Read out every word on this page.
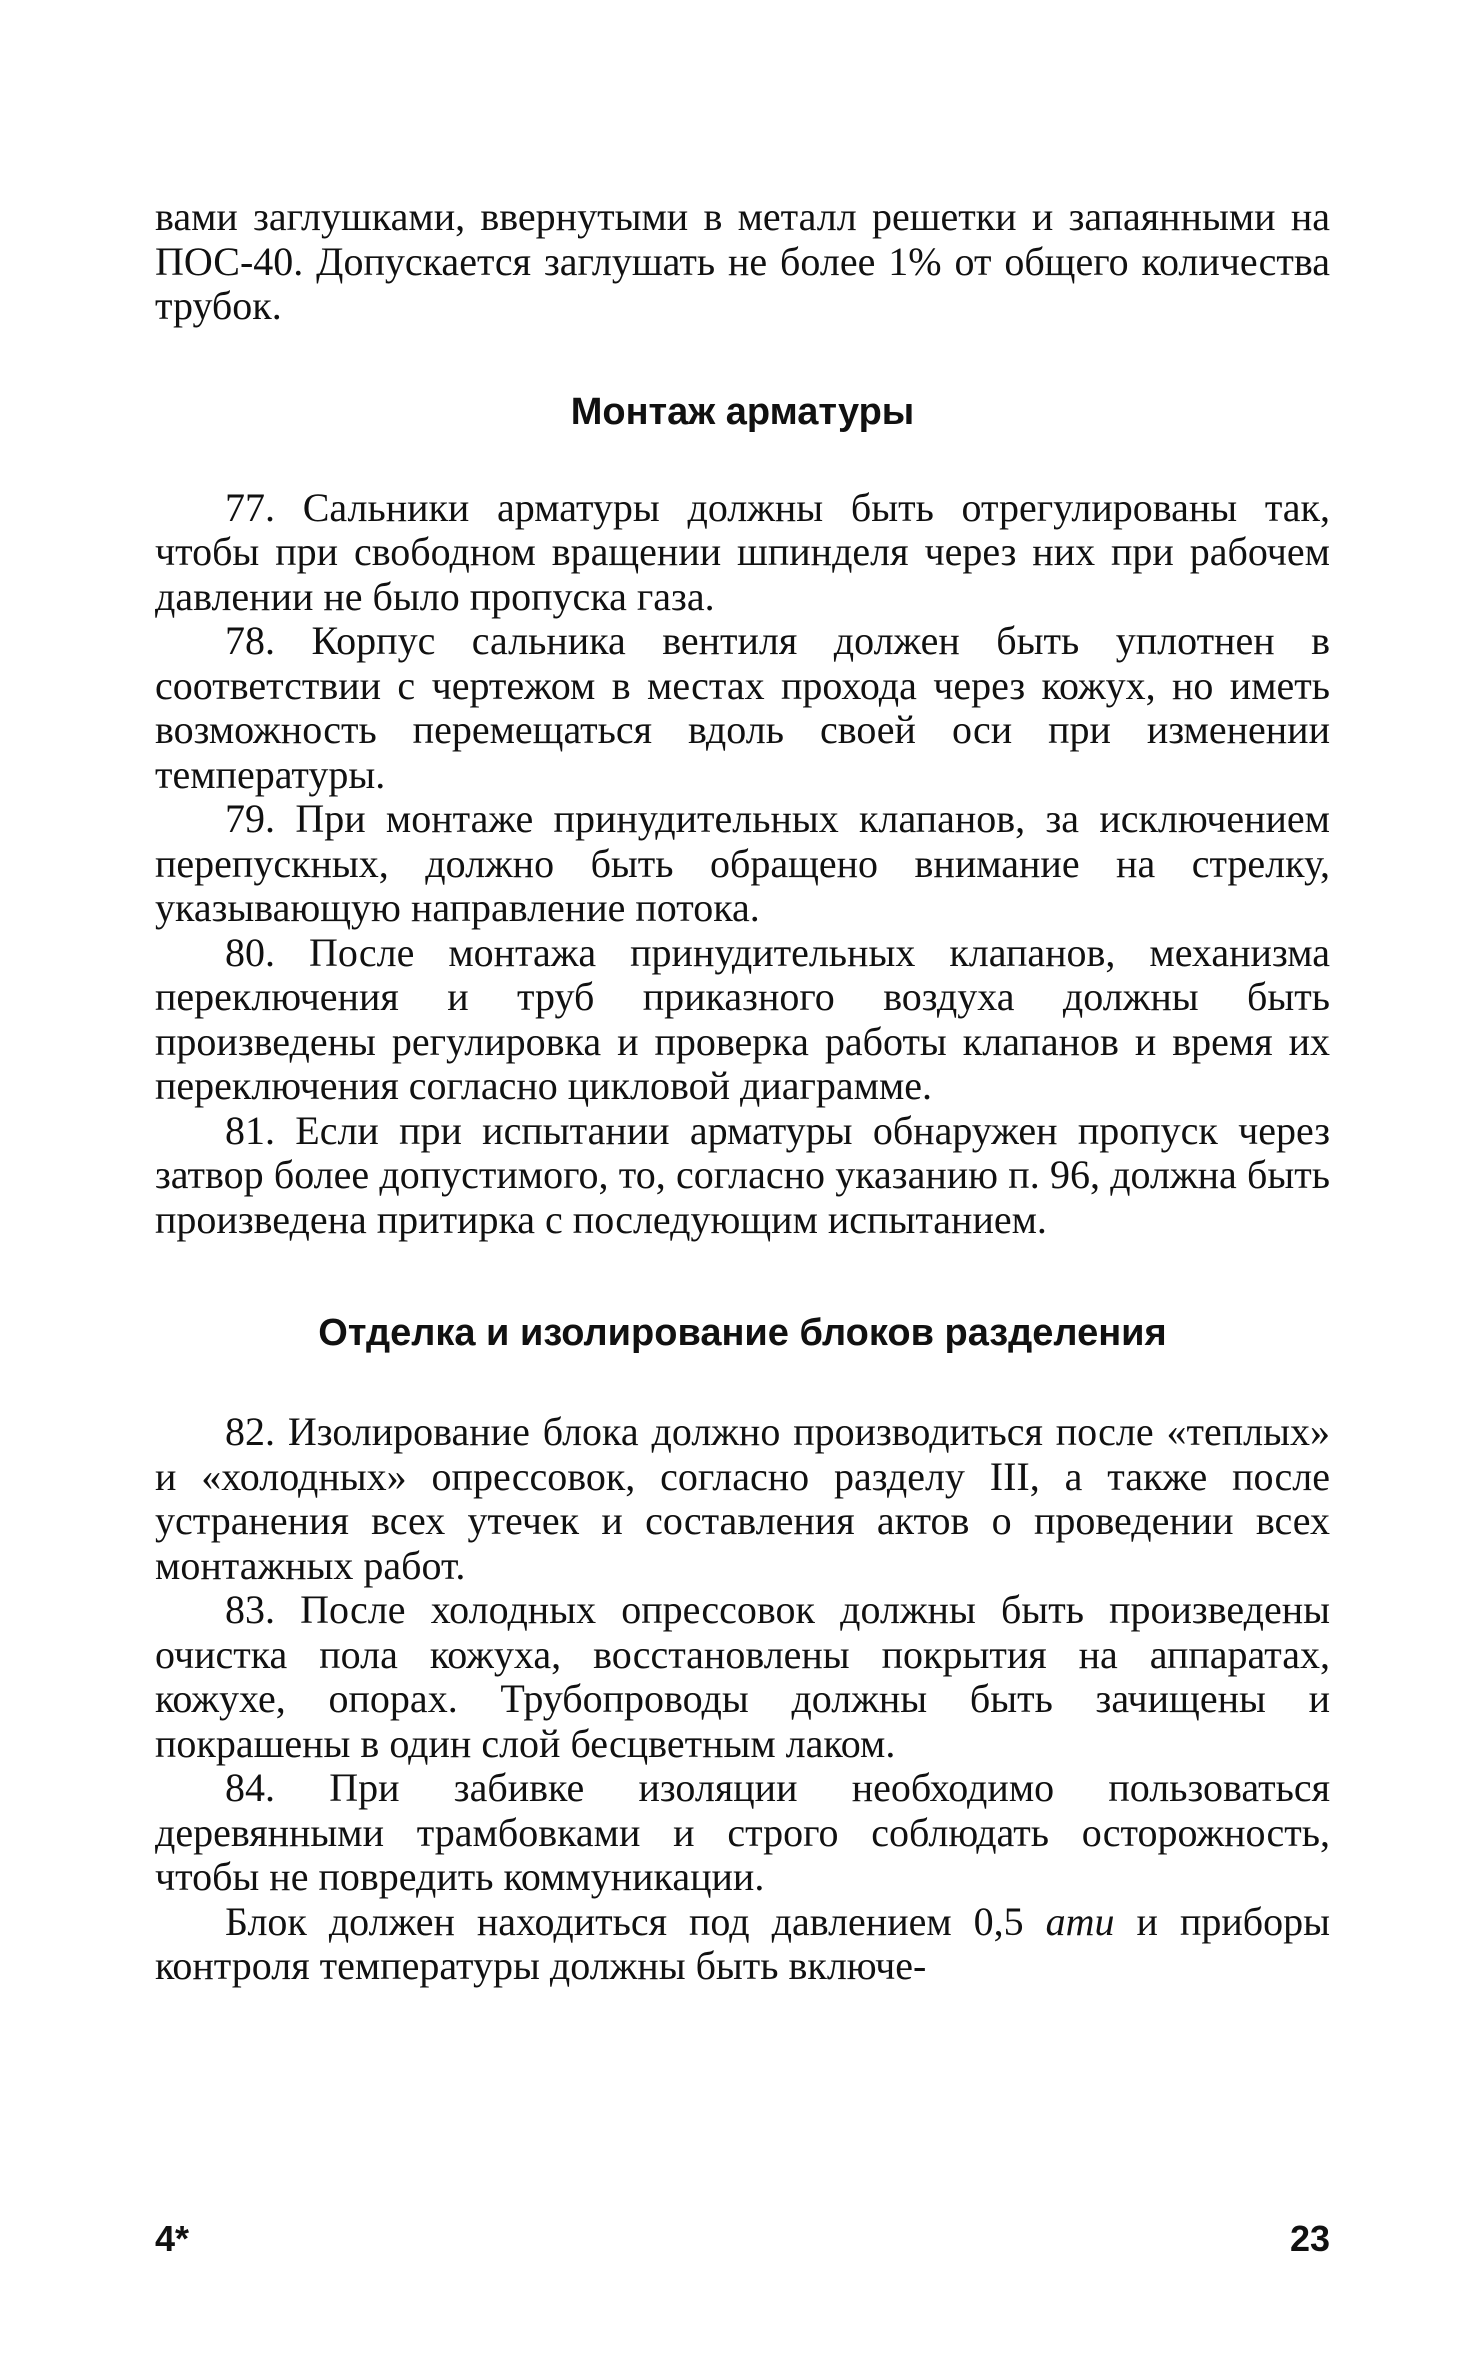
вами заглушками, ввернутыми в металл решетки и запаянными на ПОС-40. Допускается заглушать не более 1% от общего количества трубок.

Монтаж арматуры

77. Сальники арматуры должны быть отрегулированы так, чтобы при свободном вращении шпинделя через них при рабочем давлении не было пропуска газа.

78. Корпус сальника вентиля должен быть уплотнен в соответствии с чертежом в местах прохода через кожух, но иметь возможность перемещаться вдоль своей оси при изменении температуры.

79. При монтаже принудительных клапанов, за исключением перепускных, должно быть обращено внимание на стрелку, указывающую направление потока.

80. После монтажа принудительных клапанов, механизма переключения и труб приказного воздуха должны быть произведены регулировка и проверка работы клапанов и время их переключения согласно цикловой диаграмме.

81. Если при испытании арматуры обнаружен пропуск через затвор более допустимого, то, согласно указанию п. 96, должна быть произведена притирка с последующим испытанием.

Отделка и изолирование блоков разделения

82. Изолирование блока должно производиться после «теплых» и «холодных» опрессовок, согласно разделу III, а также после устранения всех утечек и составления актов о проведении всех монтажных работ.

83. После холодных опрессовок должны быть произведены очистка пола кожуха, восстановлены покрытия на аппаратах, кожухе, опорах. Трубопроводы должны быть зачищены и покрашены в один слой бесцветным лаком.

84. При забивке изоляции необходимо пользоваться деревянными трамбовками и строго соблюдать осторожность, чтобы не повредить коммуникации.

Блок должен находиться под давлением 0,5 ати и приборы контроля температуры должны быть включе-

4*	23
